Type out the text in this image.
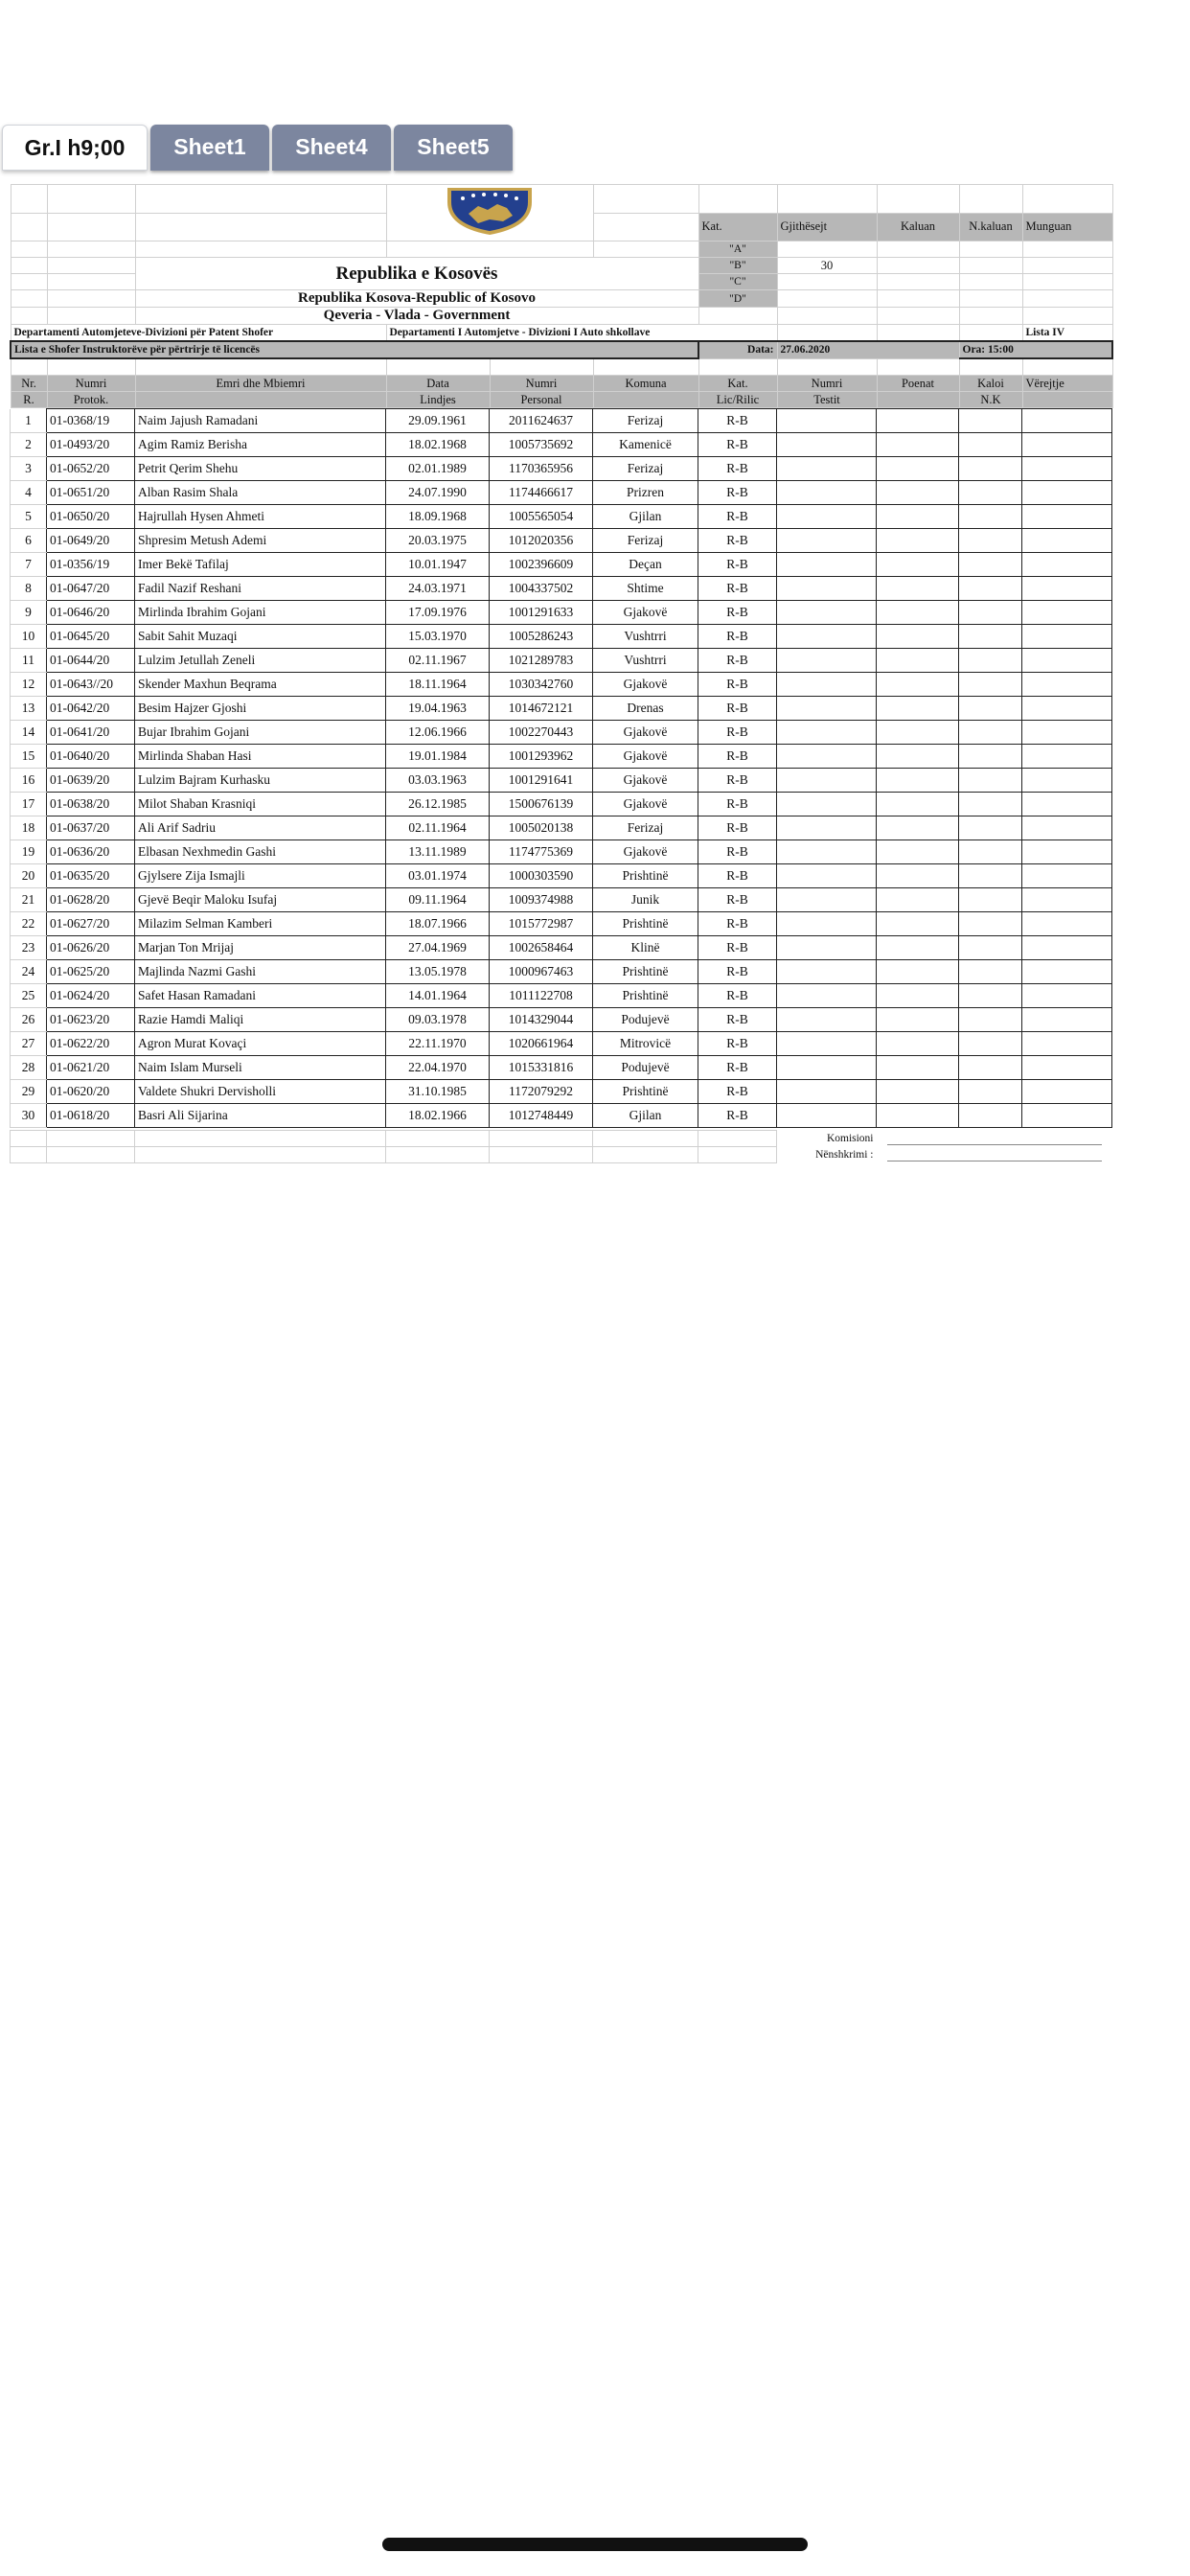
Gr.I h9;00	Sheet1	Sheet4	Sheet5

						Kat.	Gjithësejt	Kaluan	N.kaluan	Munguan
						"A"				
		Republika e Kosovës				"B"	30			
						"C"				
		Republika Kosova-Republic of Kosovo				"D"				
		Qeveria - Vlada - Government								
Departamenti Automjeteve-Divizioni për Patent Shofer			Departamenti I Automjetve - Divizioni I Auto shkollave							Lista IV
Lista e Shofer Instruktorëve për përtrirje të licencës						Data:	27.06.2020		Ora: 15:00	

Nr.	Numri	Emri dhe Mbiemri	Data	Numri	Komuna	Kat.	Numri	Poenat	Kaloi	Vërejtje
R.	Protok.		Lindjes	Personal		Lic/Rilic	Testit		N.K	
1	01-0368/19	Naim Jajush Ramadani	29.09.1961	2011624637	Ferizaj	R-B				
2	01-0493/20	Agim Ramiz Berisha	18.02.1968	1005735692	Kamenicë	R-B				
3	01-0652/20	Petrit Qerim Shehu	02.01.1989	1170365956	Ferizaj	R-B				
4	01-0651/20	Alban Rasim Shala	24.07.1990	1174466617	Prizren	R-B				
5	01-0650/20	Hajrullah Hysen Ahmeti	18.09.1968	1005565054	Gjilan	R-B				
6	01-0649/20	Shpresim Metush Ademi	20.03.1975	1012020356	Ferizaj	R-B				
7	01-0356/19	Imer Bekë Tafilaj	10.01.1947	1002396609	Deçan	R-B				
8	01-0647/20	Fadil Nazif Reshani	24.03.1971	1004337502	Shtime	R-B				
9	01-0646/20	Mirlinda Ibrahim Gojani	17.09.1976	1001291633	Gjakovë	R-B				
10	01-0645/20	Sabit Sahit Muzaqi	15.03.1970	1005286243	Vushtrri	R-B				
11	01-0644/20	Lulzim Jetullah Zeneli	02.11.1967	1021289783	Vushtrri	R-B				
12	01-0643//20	Skender Maxhun Beqrama	18.11.1964	1030342760	Gjakovë	R-B				
13	01-0642/20	Besim Hajzer Gjoshi	19.04.1963	1014672121	Drenas	R-B				
14	01-0641/20	Bujar Ibrahim Gojani	12.06.1966	1002270443	Gjakovë	R-B				
15	01-0640/20	Mirlinda Shaban Hasi	19.01.1984	1001293962	Gjakovë	R-B				
16	01-0639/20	Lulzim Bajram Kurhasku	03.03.1963	1001291641	Gjakovë	R-B				
17	01-0638/20	Milot Shaban Krasniqi	26.12.1985	1500676139	Gjakovë	R-B				
18	01-0637/20	Ali Arif Sadriu	02.11.1964	1005020138	Ferizaj	R-B				
19	01-0636/20	Elbasan Nexhmedin Gashi	13.11.1989	1174775369	Gjakovë	R-B				
20	01-0635/20	Gjylsere Zija Ismajli	03.01.1974	1000303590	Prishtinë	R-B				
21	01-0628/20	Gjevë Beqir Maloku Isufaj	09.11.1964	1009374988	Junik	R-B				
22	01-0627/20	Milazim Selman Kamberi	18.07.1966	1015772987	Prishtinë	R-B				
23	01-0626/20	Marjan Ton Mrijaj	27.04.1969	1002658464	Klinë	R-B				
24	01-0625/20	Majlinda Nazmi Gashi	13.05.1978	1000967463	Prishtinë	R-B				
25	01-0624/20	Safet Hasan Ramadani	14.01.1964	1011122708	Prishtinë	R-B				
26	01-0623/20	Razie Hamdi Maliqi	09.03.1978	1014329044	Podujevë	R-B				
27	01-0622/20	Agron Murat Kovaçi	22.11.1970	1020661964	Mitrovicë	R-B				
28	01-0621/20	Naim Islam Murseli	22.04.1970	1015331816	Podujevë	R-B				
29	01-0620/20	Valdete Shukri Dervisholli	31.10.1985	1172079292	Prishtinë	R-B				
30	01-0618/20	Basri Ali Sijarina	18.02.1966	1012748449	Gjilan	R-B				
							Komisioni	

							Nënshkrimi :	
